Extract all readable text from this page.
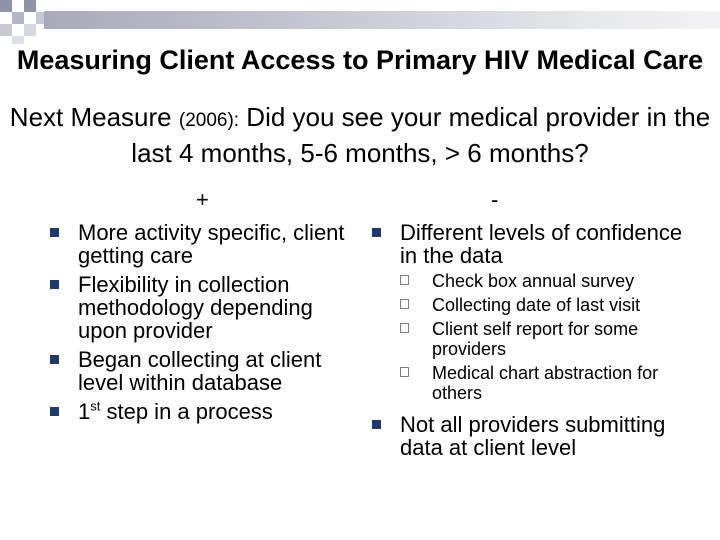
Measuring Client Access to Primary HIV Medical Care
Next Measure (2006): Did you see your medical provider in the last 4 months, 5-6 months, > 6 months?
+
More activity specific, client getting care
Flexibility in collection methodology depending upon provider
Began collecting at client level within database
1st step in a process
-
Different levels of confidence in the data
Check box annual survey
Collecting date of last visit
Client self report for some providers
Medical chart abstraction for others
Not all providers submitting data at client level
